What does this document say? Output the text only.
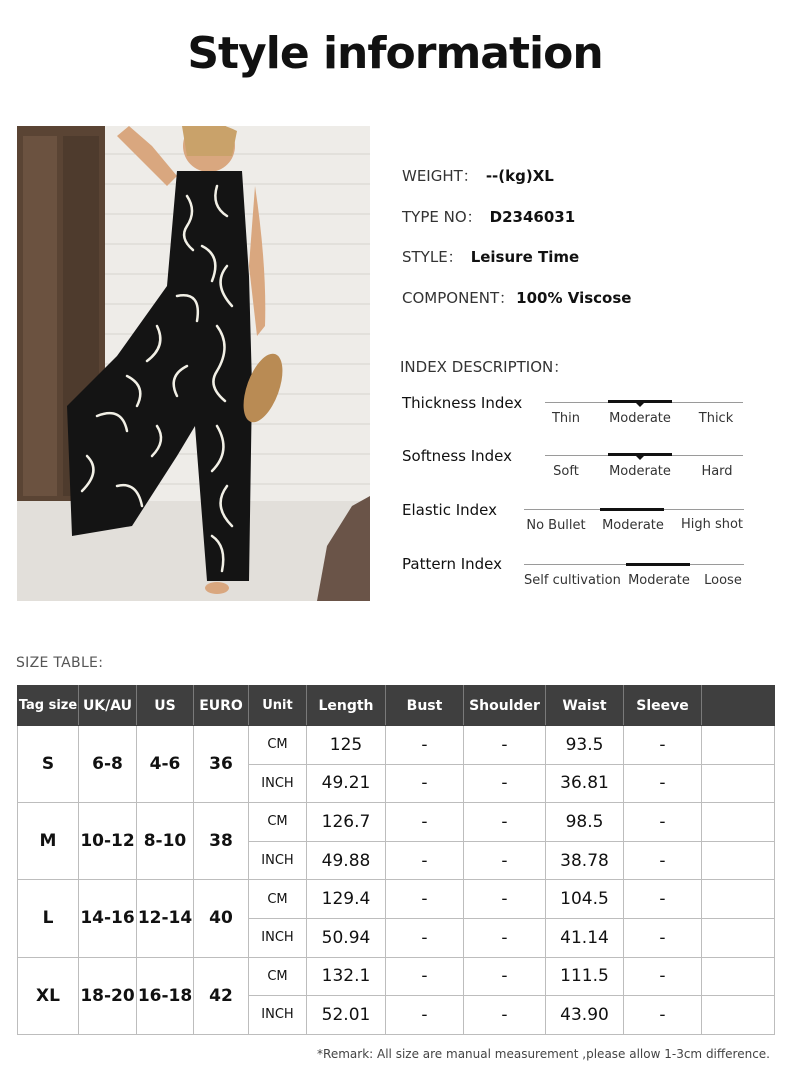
Style information
WEIGHT： --(kg)XL
TYPE NO： D2346031
STYLE： Leisure Time
COMPONENT： 100% Viscose
INDEX DESCRIPTION：
Thickness Index
Thin Moderate Thick
Softness Index
Soft	Moderate Hard
Elastic Index
No Bullet Moderate High shot
Pattern Index
Self cultivation Moderate Loose
SIZE TABLE:
Tag size	UK/AU	US	EURO	Unit	Length	Bust	Shoulder	Waist	Sleeve	
S	6-8	4-6	36	CM	125	-	-	93.5	-	
				INCH	49.21	-	-	36.81	-	
M	10-12	8-10	38	CM	126.7	-	-	98.5	-	
				INCH	49.88	-	-	38.78	-	
L	14-16	12-14	40	CM	129.4	-	-	104.5	-	
				INCH	50.94	-	-	41.14	-	
XL	18-20	16-18	42	CM	132.1	-	-	111.5	-	
				INCH	52.01	-	-	43.90	-	
*Remark: All size are manual measurement ,please allow 1-3cm difference.
